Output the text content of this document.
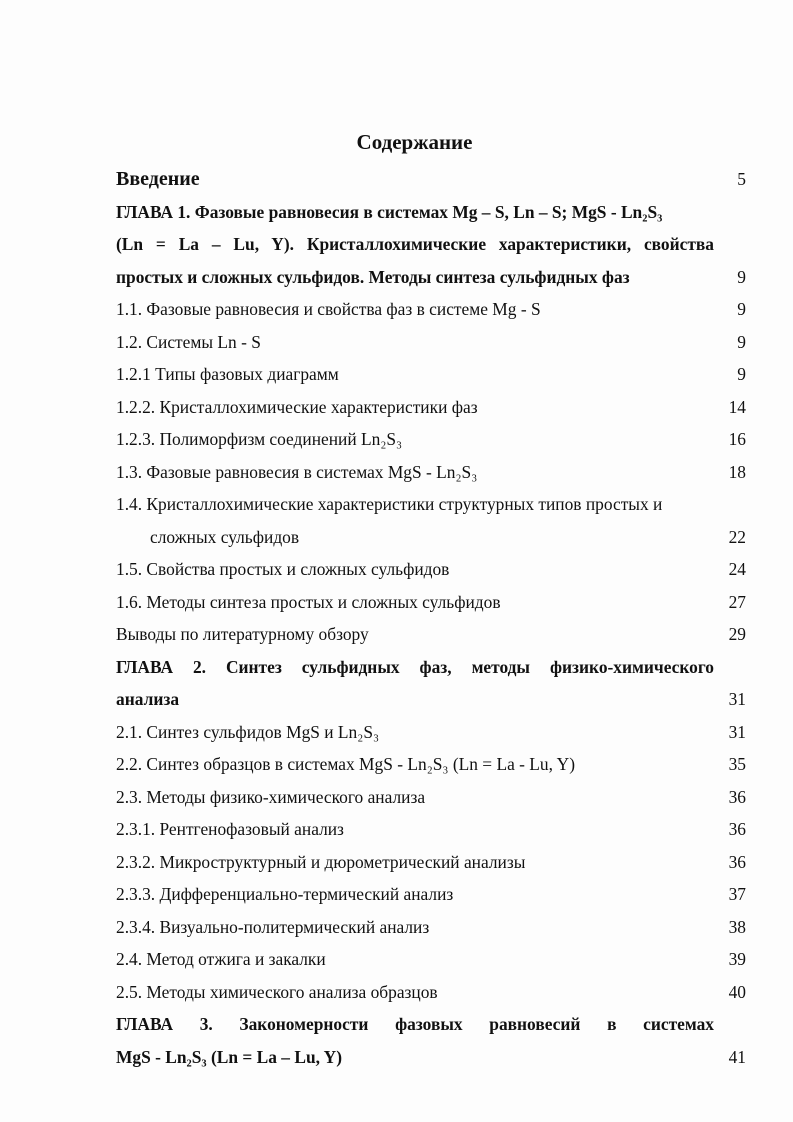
Содержание
Введение	5
ГЛАВА 1. Фазовые равновесия в системах Mg – S, Ln – S; MgS - Ln₂S₃
(Ln = La – Lu, Y). Кристаллохимические характеристики, свойства
простых и сложных сульфидов. Методы синтеза сульфидных фаз	9
1.1. Фазовые равновесия и свойства фаз в системе Mg - S	9
1.2. Системы Ln - S	9
1.2.1 Типы фазовых диаграмм	9
1.2.2. Кристаллохимические характеристики фаз	14
1.2.3. Полиморфизм соединений Ln₂S₃	16
1.3. Фазовые равновесия в системах MgS - Ln₂S₃	18
1.4. Кристаллохимические характеристики структурных типов простых и
сложных сульфидов	22
1.5. Свойства простых и сложных сульфидов	24
1.6. Методы синтеза простых и сложных сульфидов	27
Выводы по литературному обзору	29
ГЛАВА 2. Синтез сульфидных фаз, методы физико-химического
анализа	31
2.1. Синтез сульфидов MgS и Ln₂S₃	31
2.2. Синтез образцов в системах MgS - Ln₂S₃ (Ln = La - Lu, Y)	35
2.3. Методы физико-химического анализа	36
2.3.1. Рентгенофазовый анализ	36
2.3.2. Микроструктурный и дюрометрический анализы	36
2.3.3. Дифференциально-термический анализ	37
2.3.4. Визуально-политермический анализ	38
2.4. Метод отжига и закалки	39
2.5. Методы химического анализа образцов	40
ГЛАВА 3. Закономерности фазовых равновесий в системах
MgS - Ln₂S₃ (Ln = La – Lu, Y)	41
